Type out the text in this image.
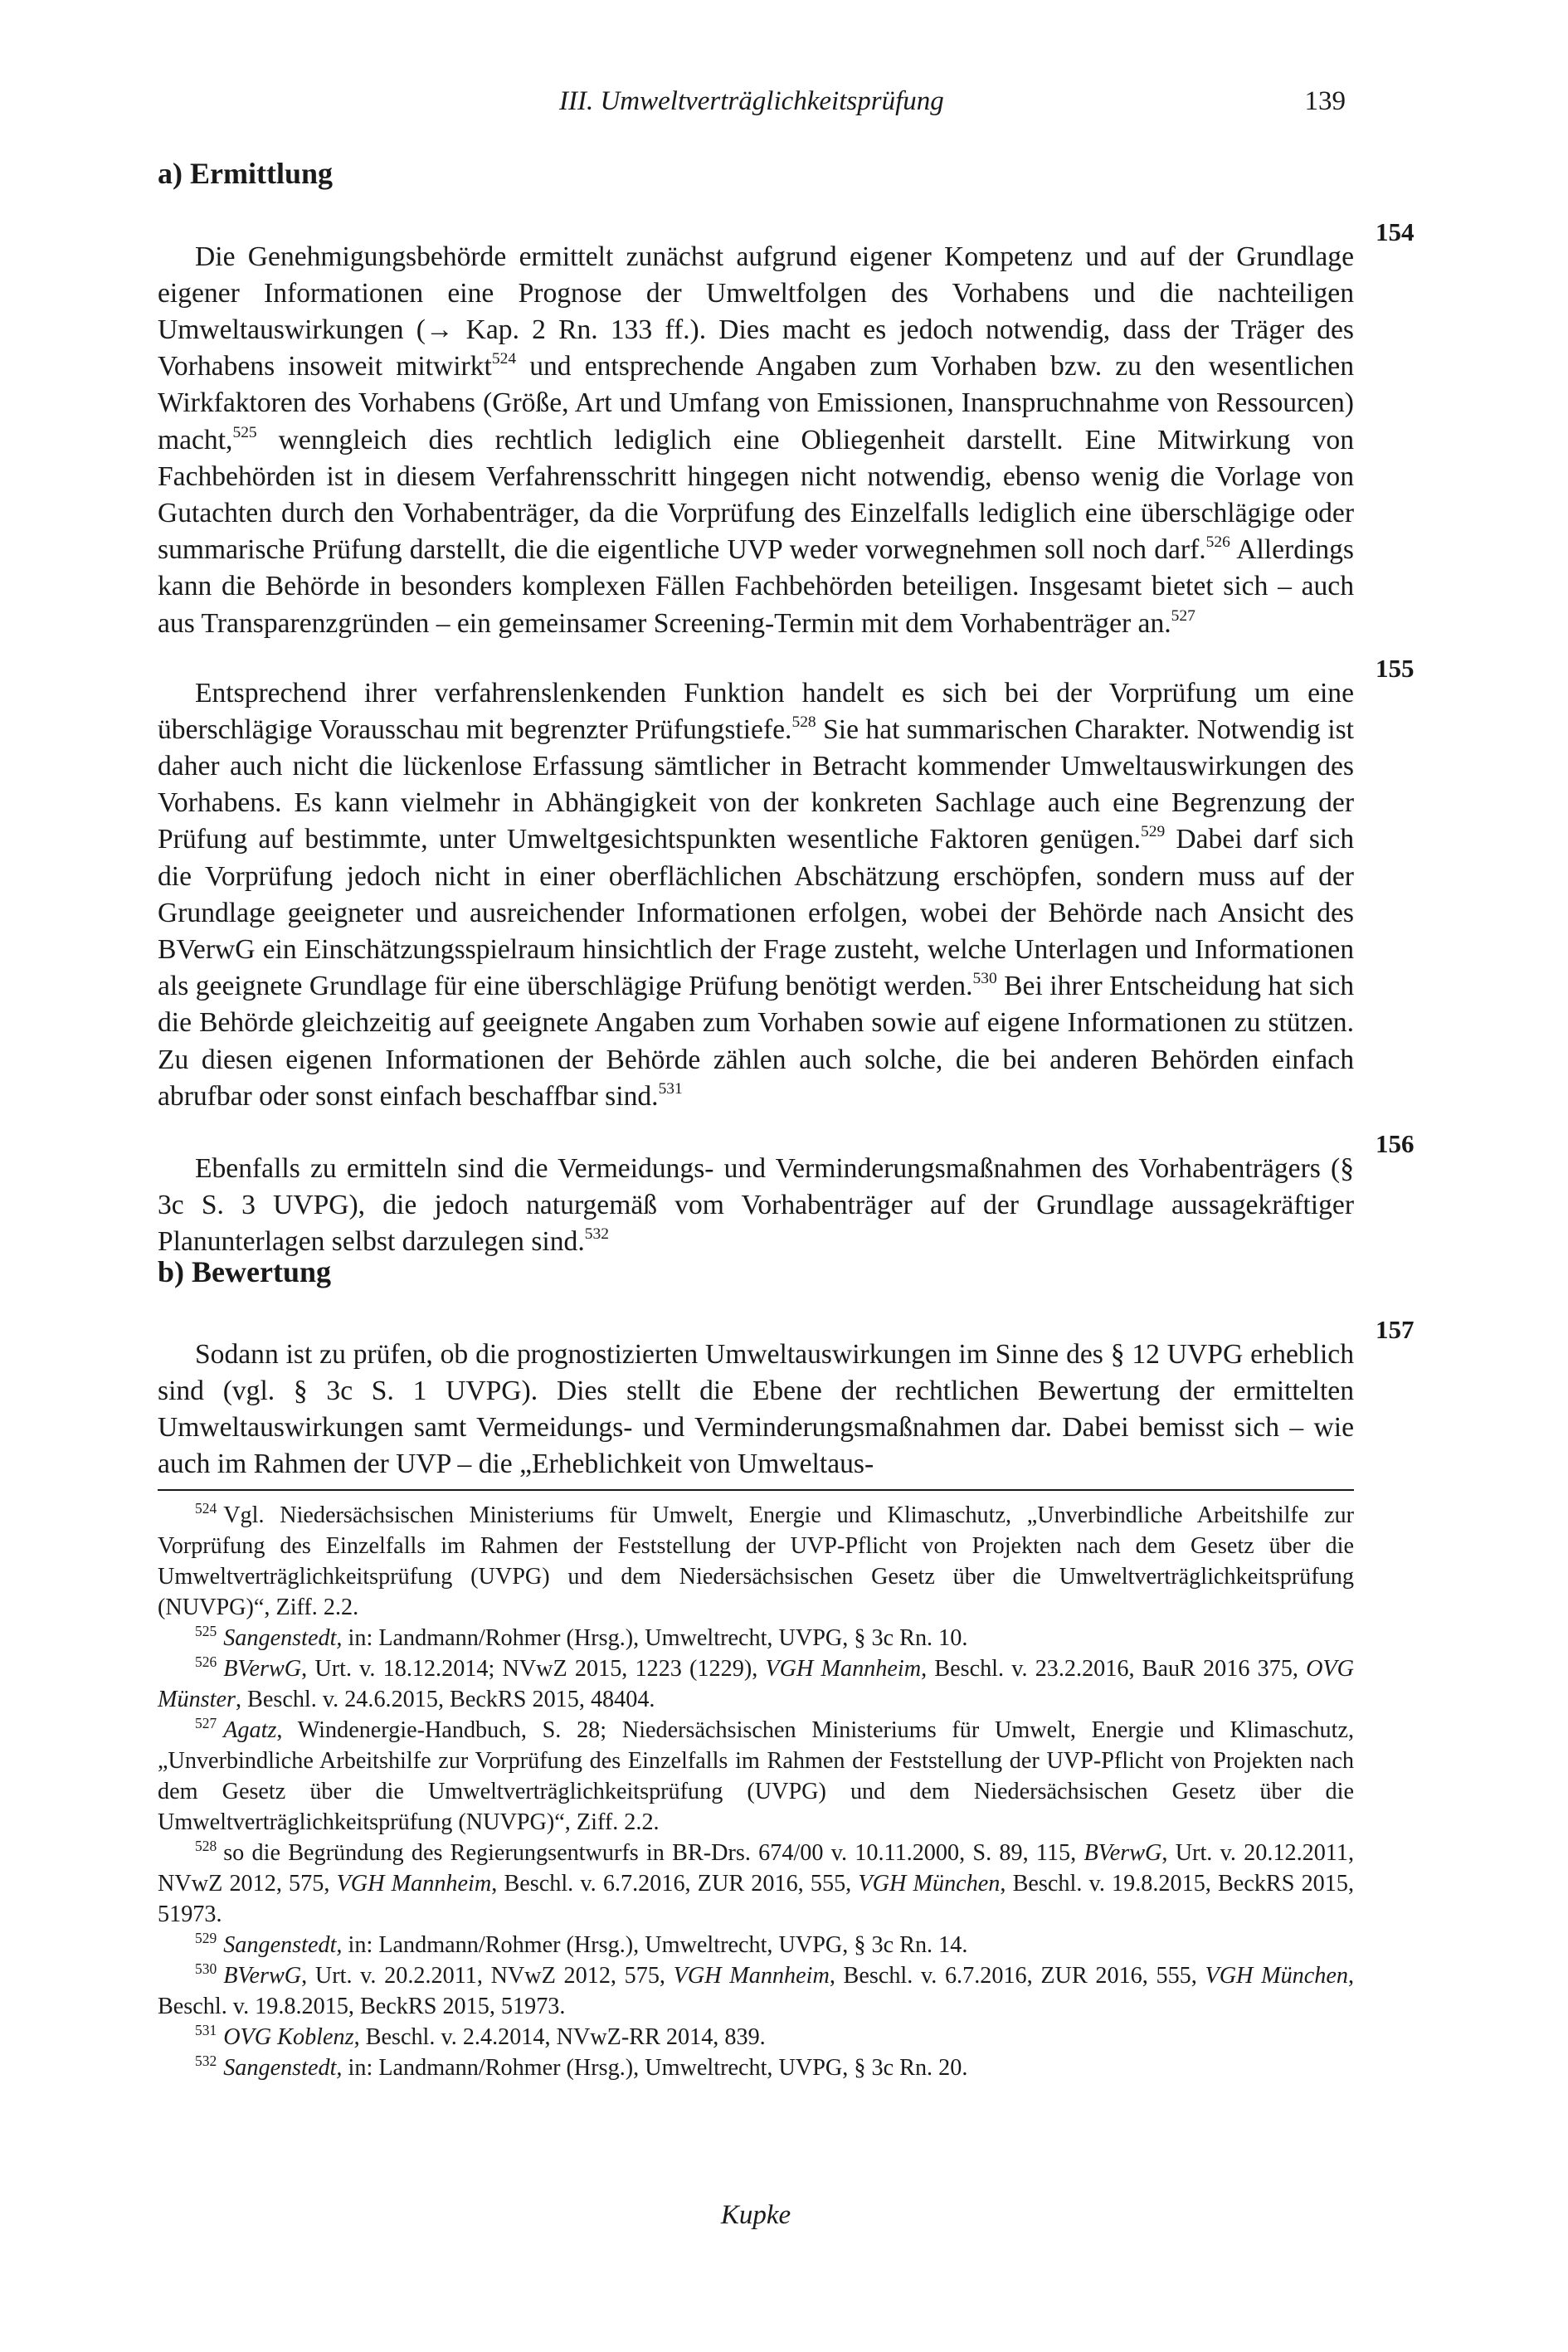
III. Umweltverträglichkeitsprüfung	139
a) Ermittlung
154

Die Genehmigungsbehörde ermittelt zunächst aufgrund eigener Kompetenz und auf der Grundlage eigener Informationen eine Prognose der Umweltfolgen des Vorhabens und die nachteiligen Umweltauswirkungen (→ Kap. 2 Rn. 133 ff.). Dies macht es jedoch notwendig, dass der Träger des Vorhabens insoweit mitwirkt$^{524}$ und entsprechende Angaben zum Vorhaben bzw. zu den wesentlichen Wirkfaktoren des Vorhabens (Größe, Art und Umfang von Emissionen, Inanspruchnahme von Ressourcen) macht,$^{525}$ wenngleich dies rechtlich lediglich eine Obliegenheit darstellt. Eine Mitwirkung von Fachbehörden ist in diesem Verfahrensschritt hingegen nicht notwendig, ebenso wenig die Vorlage von Gutachten durch den Vorhabenträger, da die Vorprüfung des Einzelfalls lediglich eine überschlägige oder summarische Prüfung darstellt, die die eigentliche UVP weder vorwegnehmen soll noch darf.$^{526}$ Allerdings kann die Behörde in besonders komplexen Fällen Fachbehörden beteiligen. Insgesamt bietet sich – auch aus Transparenzgründen – ein gemeinsamer Screening-Termin mit dem Vorhabenträger an.$^{527}$

155

Entsprechend ihrer verfahrenslenkenden Funktion handelt es sich bei der Vorprüfung um eine überschlägige Vorausschau mit begrenzter Prüfungstiefe.$^{528}$ Sie hat summarischen Charakter. Notwendig ist daher auch nicht die lückenlose Erfassung sämtlicher in Betracht kommender Umweltauswirkungen des Vorhabens. Es kann vielmehr in Abhängigkeit von der konkreten Sachlage auch eine Begrenzung der Prüfung auf bestimmte, unter Umweltgesichtspunkten wesentliche Faktoren genügen.$^{529}$ Dabei darf sich die Vorprüfung jedoch nicht in einer oberflächlichen Abschätzung erschöpfen, sondern muss auf der Grundlage geeigneter und ausreichender Informationen erfolgen, wobei der Behörde nach Ansicht des BVerwG ein Einschätzungsspielraum hinsichtlich der Frage zusteht, welche Unterlagen und Informationen als geeignete Grundlage für eine überschlägige Prüfung benötigt werden.$^{530}$ Bei ihrer Entscheidung hat sich die Behörde gleichzeitig auf geeignete Angaben zum Vorhaben sowie auf eigene Informationen zu stützen. Zu diesen eigenen Informationen der Behörde zählen auch solche, die bei anderen Behörden einfach abrufbar oder sonst einfach beschaffbar sind.$^{531}$

156

Ebenfalls zu ermitteln sind die Vermeidungs- und Verminderungsmaßnahmen des Vorhabenträgers (§ 3c S. 3 UVPG), die jedoch naturgemäß vom Vorhabenträger auf der Grundlage aussagekräftiger Planunterlagen selbst darzulegen sind.$^{532}$

b) Bewertung
157

Sodann ist zu prüfen, ob die prognostizierten Umweltauswirkungen im Sinne des § 12 UVPG erheblich sind (vgl. § 3c S. 1 UVPG). Dies stellt die Ebene der rechtlichen Bewertung der ermittelten Umweltauswirkungen samt Vermeidungs- und Verminderungsmaßnahmen dar. Dabei bemisst sich – wie auch im Rahmen der UVP – die „Erheblichkeit von Umweltaus-

$^{524}$ Vgl. Niedersächsischen Ministeriums für Umwelt, Energie und Klimaschutz, „Unverbindliche Arbeitshilfe zur Vorprüfung des Einzelfalls im Rahmen der Feststellung der UVP-Pflicht von Projekten nach dem Gesetz über die Umweltverträglichkeitsprüfung (UVPG) und dem Niedersächsischen Gesetz über die Umweltverträglichkeitsprüfung (NUVPG)“, Ziff. 2.2.

$^{525}$ Sangenstedt, in: Landmann/Rohmer (Hrsg.), Umweltrecht, UVPG, § 3c Rn. 10.

$^{526}$ BVerwG, Urt. v. 18.12.2014; NVwZ 2015, 1223 (1229), VGH Mannheim, Beschl. v. 23.2.2016, BauR 2016 375, OVG Münster, Beschl. v. 24.6.2015, BeckRS 2015, 48404.

$^{527}$ Agatz, Windenergie-Handbuch, S. 28; Niedersächsischen Ministeriums für Umwelt, Energie und Klimaschutz, „Unverbindliche Arbeitshilfe zur Vorprüfung des Einzelfalls im Rahmen der Feststellung der UVP-Pflicht von Projekten nach dem Gesetz über die Umweltverträglichkeitsprüfung (UVPG) und dem Niedersächsischen Gesetz über die Umweltverträglichkeitsprüfung (NUVPG)“, Ziff. 2.2.

$^{528}$ so die Begründung des Regierungsentwurfs in BR-Drs. 674/00 v. 10.11.2000, S. 89, 115, BVerwG, Urt. v. 20.12.2011, NVwZ 2012, 575, VGH Mannheim, Beschl. v. 6.7.2016, ZUR 2016, 555, VGH München, Beschl. v. 19.8.2015, BeckRS 2015, 51973.

$^{529}$ Sangenstedt, in: Landmann/Rohmer (Hrsg.), Umweltrecht, UVPG, § 3c Rn. 14.

$^{530}$ BVerwG, Urt. v. 20.2.2011, NVwZ 2012, 575, VGH Mannheim, Beschl. v. 6.7.2016, ZUR 2016, 555, VGH München, Beschl. v. 19.8.2015, BeckRS 2015, 51973.

$^{531}$ OVG Koblenz, Beschl. v. 2.4.2014, NVwZ-RR 2014, 839.

$^{532}$ Sangenstedt, in: Landmann/Rohmer (Hrsg.), Umweltrecht, UVPG, § 3c Rn. 20.

Kupke
